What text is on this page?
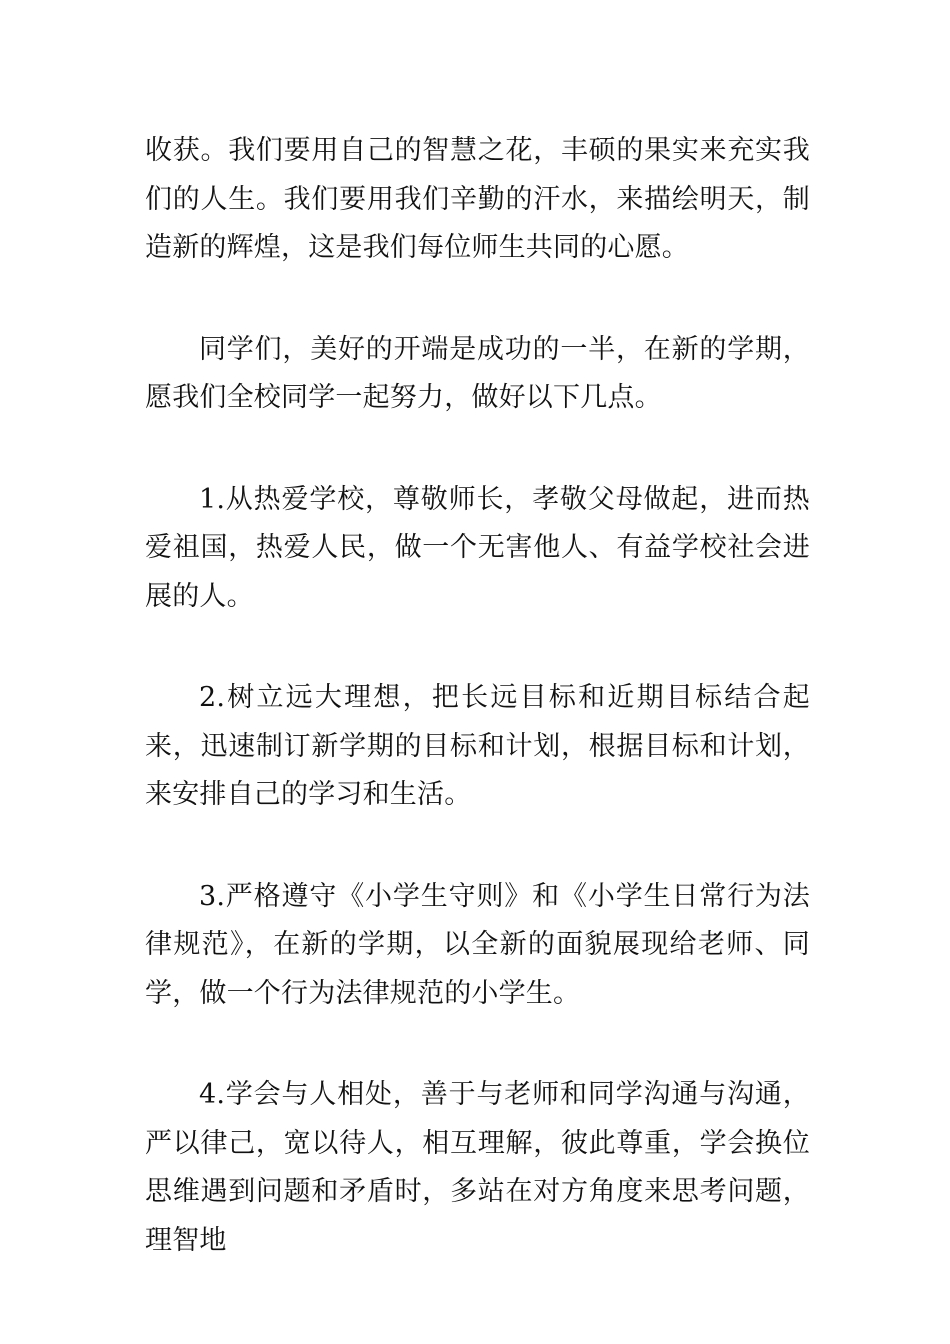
收获。我们要用自己的智慧之花，丰硕的果实来充实我们的人生。我们要用我们辛勤的汗水，来描绘明天，制造新的辉煌，这是我们每位师生共同的心愿。

同学们，美好的开端是成功的一半，在新的学期，愿我们全校同学一起努力，做好以下几点。

1.从热爱学校，尊敬师长，孝敬父母做起，进而热爱祖国，热爱人民，做一个无害他人、有益学校社会进展的人。

2.树立远大理想，把长远目标和近期目标结合起来，迅速制订新学期的目标和计划，根据目标和计划，来安排自己的学习和生活。

3.严格遵守《小学生守则》和《小学生日常行为法律规范》，在新的学期，以全新的面貌展现给老师、同学，做一个行为法律规范的小学生。

4.学会与人相处，善于与老师和同学沟通与沟通，严以律己，宽以待人，相互理解，彼此尊重，学会换位思维遇到问题和矛盾时，多站在对方角度来思考问题，理智地
